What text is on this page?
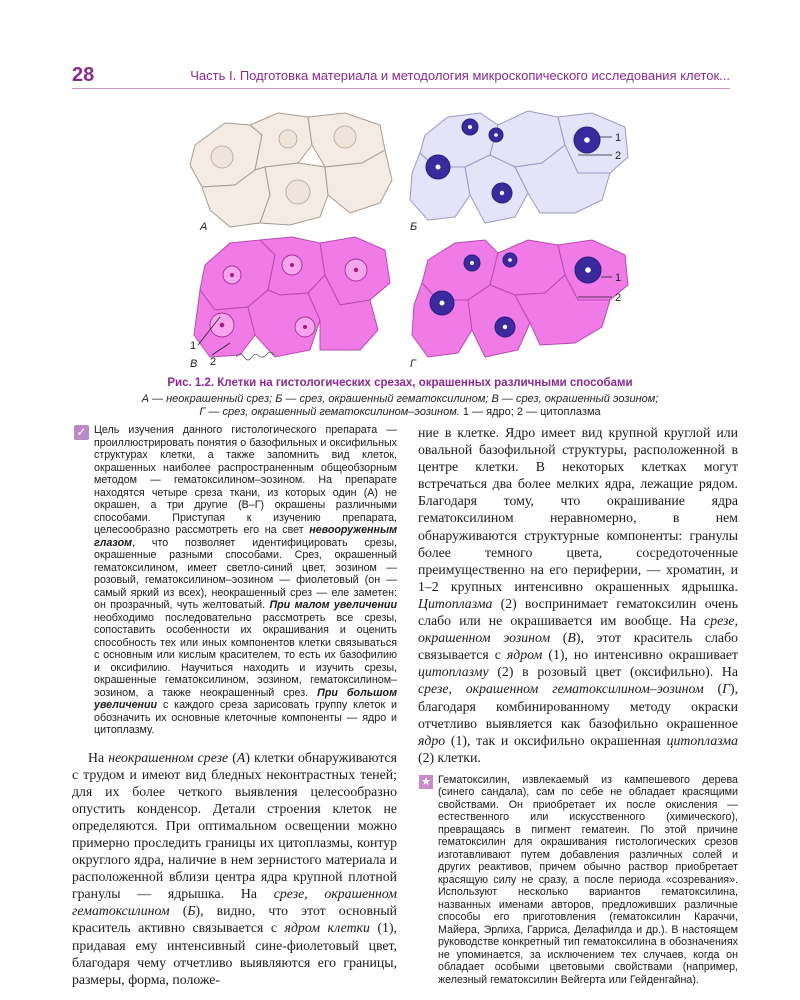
28	Часть I. Подготовка материала и методология микроскопического исследования клеток...
А
1
2
Б
1
2
В
1
2
Г
Рис. 1.2. Клетки на гистологических срезах, окрашенных различными способами
А — неокрашенный срез; Б — срез, окрашенный гематоксилином; В — срез, окрашенный эозином;
Г — срез, окрашенный гематоксилином–эозином. 1 — ядро; 2 — цитоплазма
✓ Цель изучения данного гистологического препарата — проиллюстрировать понятия о базофильных и оксифильных структурах клетки, а также запомнить вид клеток, окрашенных наиболее распространенным общеобзорным методом — гематоксилином–эозином. На препарате находятся четыре среза ткани, из которых один (А) не окрашен, а три другие (В–Г) окрашены различными способами. Приступая к изучению препарата, целесообразно рассмотреть его на свет невооруженным глазом, что позволяет идентифицировать срезы, окрашенные разными способами. Срез, окрашенный гематоксилином, имеет светло-синий цвет, эозином — розовый, гематоксилином–эозином — фиолетовый (он — самый яркий из всех), неокрашенный срез — еле заметен: он прозрачный, чуть желтоватый. При малом увеличении необходимо последовательно рассмотреть все срезы, сопоставить особенности их окрашивания и оценить способность тех или иных компонентов клетки связываться с основным или кислым красителем, то есть их базофилию и оксифилию. Научиться находить и изучить срезы, окрашенные гематоксилином, эозином, гематоксилином–эозином, а также неокрашенный срез. При большом увеличении с каждого среза зарисовать группу клеток и обозначить их основные клеточные компоненты — ядро и цитоплазму.

На неокрашенном срезе (А) клетки обнаруживаются с трудом и имеют вид бледных неконтрастных теней; для их более четкого выявления целесообразно опустить конденсор. Детали строения клеток не определяются. При оптимальном освещении можно примерно проследить границы их цитоплазмы, контур округлого ядра, наличие в нем зернистого материала и расположенной вблизи центра ядра крупной плотной гранулы — ядрышка. На срезе, окрашенном гематоксилином (Б), видно, что этот основный краситель активно связывается с ядром клетки (1), придавая ему интенсивный сине-фиолетовый цвет, благодаря чему отчетливо выявляются его границы, размеры, форма, положе-

ние в клетке. Ядро имеет вид крупной круглой или овальной базофильной структуры, расположенной в центре клетки. В некоторых клетках могут встречаться два более мелких ядра, лежащие рядом. Благодаря тому, что окрашивание ядра гематоксилином неравномерно, в нем обнаруживаются структурные компоненты: гранулы более темного цвета, сосредоточенные преимущественно на его периферии, — хроматин, и 1–2 крупных интенсивно окрашенных ядрышка. Цитоплазма (2) воспринимает гематоксилин очень слабо или не окрашивается им вообще. На срезе, окрашенном эозином (В), этот краситель слабо связывается с ядром (1), но интенсивно окрашивает цитоплазму (2) в розовый цвет (оксифильно). На срезе, окрашенном гематоксилином–эозином (Г), благодаря комбинированному методу окраски отчетливо выявляется как базофильно окрашенное ядро (1), так и оксифильно окрашенная цитоплазма (2) клетки.

★ Гематоксилин, извлекаемый из кампешевого дерева (синего сандала), сам по себе не обладает красящими свойствами. Он приобретает их после окисления — естественного или искусственного (химического), превращаясь в пигмент гематеин. По этой причине гематоксилин для окрашивания гистологических срезов изготавливают путем добавления различных солей и других реактивов, причем обычно раствор приобретает красящую силу не сразу, а после периода «созревания». Используют несколько вариантов гематоксилина, названных именами авторов, предложивших различные способы его приготовления (гематоксилин Караччи, Майера, Эрлиха, Гарриса, Делафилда и др.). В настоящем руководстве конкретный тип гематоксилина в обозначениях не упоминается, за исключением тех случаев, когда он обладает особыми цветовыми свойствами (например, железный гематоксилин Вейгерта или Гейденгайна).
